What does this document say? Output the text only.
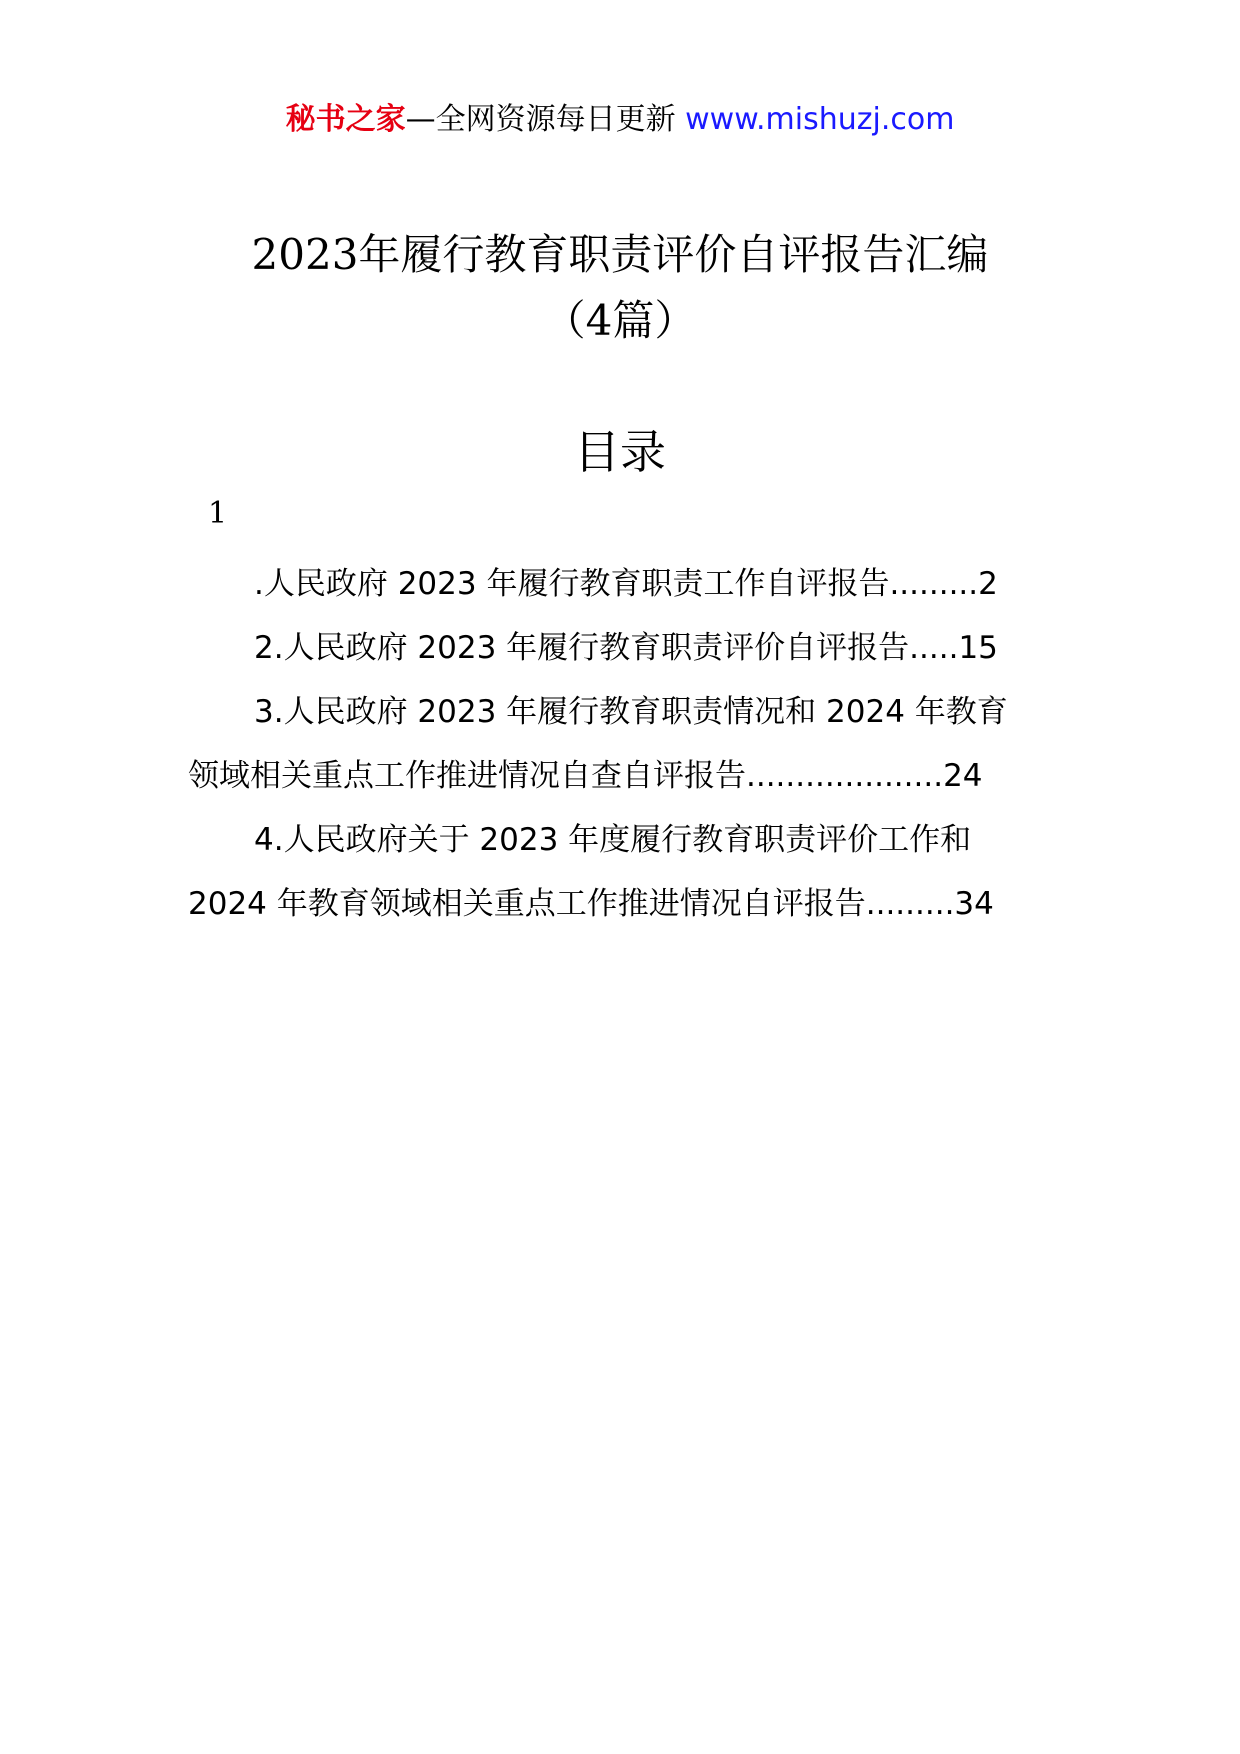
秘书之家—全网资源每日更新 www.mishuzj.com
2023年履行教育职责评价自评报告汇编
（4篇）
目录
1
.人民政府 2023 年履行教育职责工作自评报告.........2
2.人民政府 2023 年履行教育职责评价自评报告.....15
3.人民政府 2023 年履行教育职责情况和 2024 年教育
领域相关重点工作推进情况自查自评报告....................24
4.人民政府关于 2023 年度履行教育职责评价工作和
2024 年教育领域相关重点工作推进情况自评报告.........34
